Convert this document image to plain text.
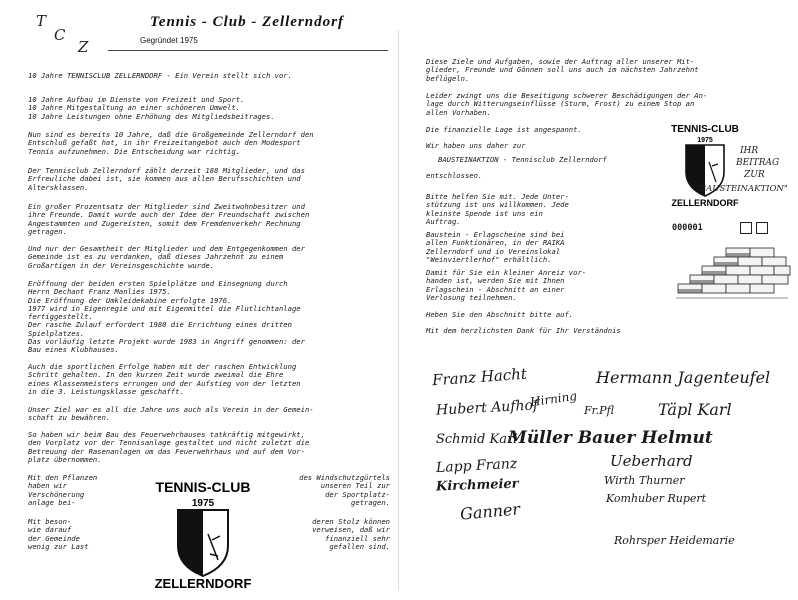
T
C
Z
Tennis - Club - Zellerndorf
Gegründet 1975

10 Jahre TENNISCLUB ZELLERNDORF - Ein Verein stellt sich vor.

10 Jahre Aufbau im Dienste von Freizeit und Sport.
10 Jahre Mitgestaltung an einer schöneren Umwelt.
10 Jahre Leistungen ohne Erhöhung des Mitgliedsbeitrages.

Nun sind es bereits 10 Jahre, daß die Großgemeinde Zellerndorf den
Entschluß gefaßt hat, in ihr Freizeitangebot auch den Modesport
Tennis aufzunehmen. Die Entscheidung war richtig.

Der Tennisclub Zellerndorf zählt derzeit 188 Mitglieder, und das
Erfreuliche dabei ist, sie kommen aus allen Berufsschichten und
Altersklassen.

Ein großer Prozentsatz der Mitglieder sind Zweitwohnbesitzer und
ihre Freunde. Damit wurde auch der Idee der Freundschaft zwischen
Angestammten und Zugereisten, somit dem Fremdenverkehr Rechnung
getragen.

Und nur der Gesamtheit der Mitglieder und dem Entgegenkommen der
Gemeinde ist es zu verdanken, daß dieses Jahrzehnt zu einem
Großartigen in der Vereinsgeschichte wurde.

Eröffnung der beiden ersten Spielplätze und Einsegnung durch
Herrn Dechant Franz Manlies 1975.
Die Eröffnung der Umkleidekabine erfolgte 1976.
1977 wird in Eigenregie und mit Eigenmittel die Flutlichtanlage
fertiggestellt.
Der rasche Zulauf erfordert 1980 die Errichtung eines dritten
Spielplatzes.
Das vorläufig letzte Projekt wurde 1983 in Angriff genommen: der
Bau eines Klubhauses.

Auch die sportlichen Erfolge haben mit der raschen Entwicklung
Schritt gehalten. In den kurzen Zeit wurde zweimal die Ehre
eines Klassenmeisters errungen und der Aufstieg von der letzten
in die 3. Leistungsklasse geschafft.

Unser Ziel war es all die Jahre uns auch als Verein in der Gemein-
schaft zu bewähren.

So haben wir beim Bau des Feuerwehrhauses tatkräftig mitgewirkt,
den Vorplatz vor der Tennisanlage gestaltet und nicht zuletzt die
Betreuung der Rasenanlagen um das Feuerwehrhaus und auf dem Vor-
platz übernommen.

Mit den Pflanzen
haben wir
Verschönerung
anlage bei-

Mit beson-
wie darauf
der Gemeinde
wenig zur Last

des Windschutzgürtels
unseren Teil zur
der Sportplatz-
getragen.

deren Stolz können
verweisen, daß wir
finanziell sehr
gefallen sind.

TENNIS-CLUB
1975
ZELLERNDORF

Diese Ziele und Aufgaben, sowie der Auftrag aller unserer Mit-
glieder, Freunde und Gönnen soll uns auch im nächsten Jahrzehnt
beflügeln.

Leider zwingt uns die Beseitigung schwerer Beschädigungen der An-
lage durch Witterungseinflüsse (Sturm, Frost) zu einem Stop an
allen Vorhaben.

Die finanzielle Lage ist angespannt.

Wir haben uns daher zur

BAUSTEINAKTION - Tennisclub Zellerndorf

entschlossen.

Bitte helfen Sie mit. Jede Unter-
stützung ist uns willkommen. Jede
kleinste Spende ist uns ein
Auftrag.

Baustein - Erlagscheine sind bei
allen Funktionären, in der RAIKA
Zellerndorf und in Vereinslokal
"Weinviertlerhof" erhältlich.

Damit für Sie ein kleiner Anreiz vor-
handen ist, werden Sie mit Ihnen
Erlagschein - Abschnitt an einer
Verlosung teilnehmen.

Heben Sie den Abschnitt bitte auf.

Mit dem herzlichsten Dank für Ihr Verständnis

TENNIS-CLUB
1975
ZELLERNDORF
IHR
BEITRAG
ZUR
"BAUSTEINAKTION"
000001
Franz Hacht	Hermann Jagenteufel
Hubert Aufhof
Hirning
Fr.Pfl	Täpl Karl
Schmid Karl
Müller Bauer Helmut
Lapp Franz
Kirchmeier
Ueberhard
Wirth Thurner
Ganner
Komhuber Rupert
Rohrsper Heidemarie
